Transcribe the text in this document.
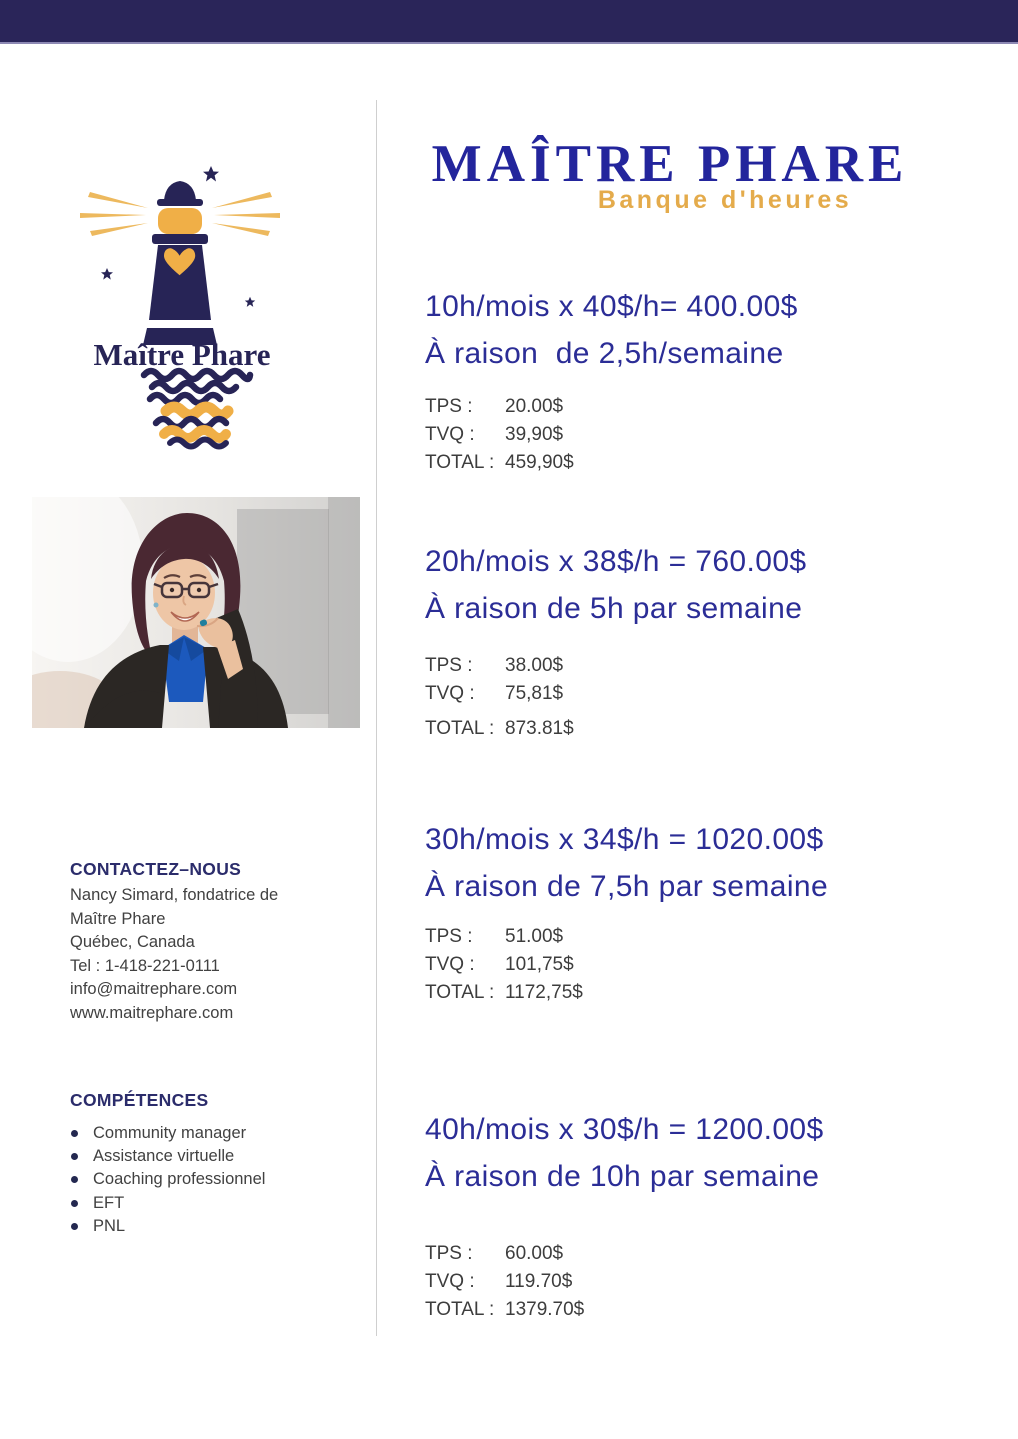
Maître Phare
CONTACTEZ–NOUS
Nancy Simard, fondatrice de
Maître Phare
Québec, Canada
Tel : 1-418-221-0111
info@maitrephare.com
www.maitrephare.com
COMPÉTENCES
Community manager
Assistance virtuelle
Coaching professionnel
EFT
PNL
MAÎTRE PHARE
Banque d'heures
10h/mois x 40$/h= 400.00$
À raison  de 2,5h/semaine
TPS : 20.00$
TVQ : 39,90$
TOTAL : 459,90$
20h/mois x 38$/h = 760.00$
À raison de 5h par semaine
TPS : 38.00$
TVQ : 75,81$
TOTAL : 873.81$
30h/mois x 34$/h = 1020.00$
À raison de 7,5h par semaine
TPS : 51.00$
TVQ : 101,75$
TOTAL : 1172,75$
40h/mois x 30$/h = 1200.00$
À raison de 10h par semaine
TPS : 60.00$
TVQ : 119.70$
TOTAL : 1379.70$
